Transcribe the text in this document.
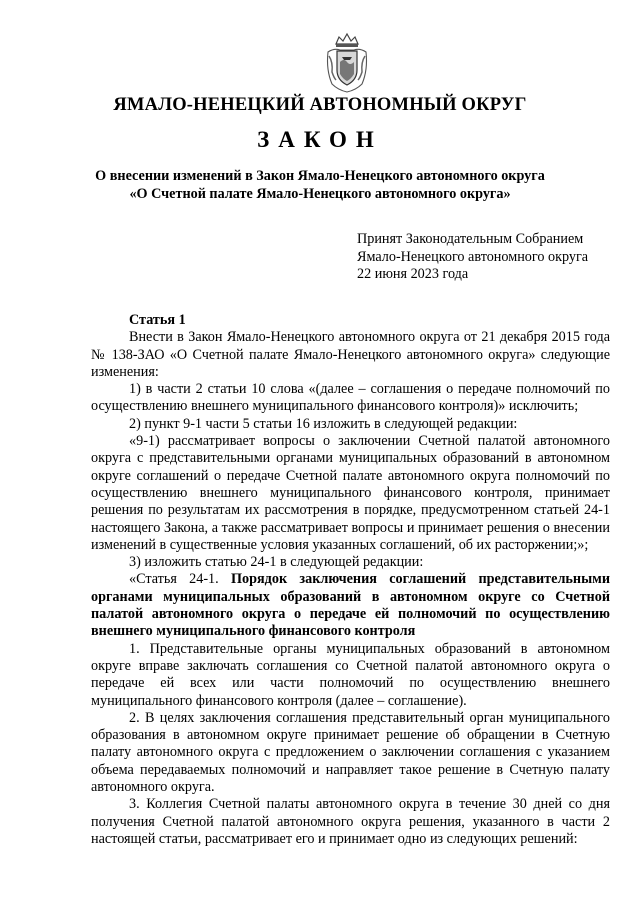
ЯМАЛО-НЕНЕЦКИЙ АВТОНОМНЫЙ ОКРУГ
ЗАКОН
О внесении изменений в Закон Ямало-Ненецкого автономного округа
«О Счетной палате Ямало-Ненецкого автономного округа»
Принят Законодательным Собранием
Ямало-Ненецкого автономного округа
22 июня 2023 года

Статья 1

Внести в Закон Ямало-Ненецкого автономного округа от 21 декабря 2015 года № 138-ЗАО «О Счетной палате Ямало-Ненецкого автономного округа» следующие изменения:

1) в части 2 статьи 10 слова «(далее – соглашения о передаче полномочий по осуществлению внешнего муниципального финансового контроля)» исключить;

2) пункт 9-1 части 5 статьи 16 изложить в следующей редакции:

«9-1) рассматривает вопросы о заключении Счетной палатой автономного округа с представительными органами муниципальных образований в автономном округе соглашений о передаче Счетной палате автономного округа полномочий по осуществлению внешнего муниципального финансового контроля, принимает решения по результатам их рассмотрения в порядке, предусмотренном статьей 24-1 настоящего Закона, а также рассматривает вопросы и принимает решения о внесении изменений в существенные условия указанных соглашений, об их расторжении;»;

3) изложить статью 24-1 в следующей редакции:

«Статья 24-1. Порядок заключения соглашений представительными органами муниципальных образований в автономном округе со Счетной палатой автономного округа о передаче ей полномочий по осуществлению внешнего муниципального финансового контроля

1. Представительные органы муниципальных образований в автономном округе вправе заключать соглашения со Счетной палатой автономного округа о передаче ей всех или части полномочий по осуществлению внешнего муниципального финансового контроля (далее – соглашение).

2. В целях заключения соглашения представительный орган муниципального образования в автономном округе принимает решение об обращении в Счетную палату автономного округа с предложением о заключении соглашения с указанием объема передаваемых полномочий и направляет такое решение в Счетную палату автономного округа.

3. Коллегия Счетной палаты автономного округа в течение 30 дней со дня получения Счетной палатой автономного округа решения, указанного в части 2 настоящей статьи, рассматривает его и принимает одно из следующих решений:
